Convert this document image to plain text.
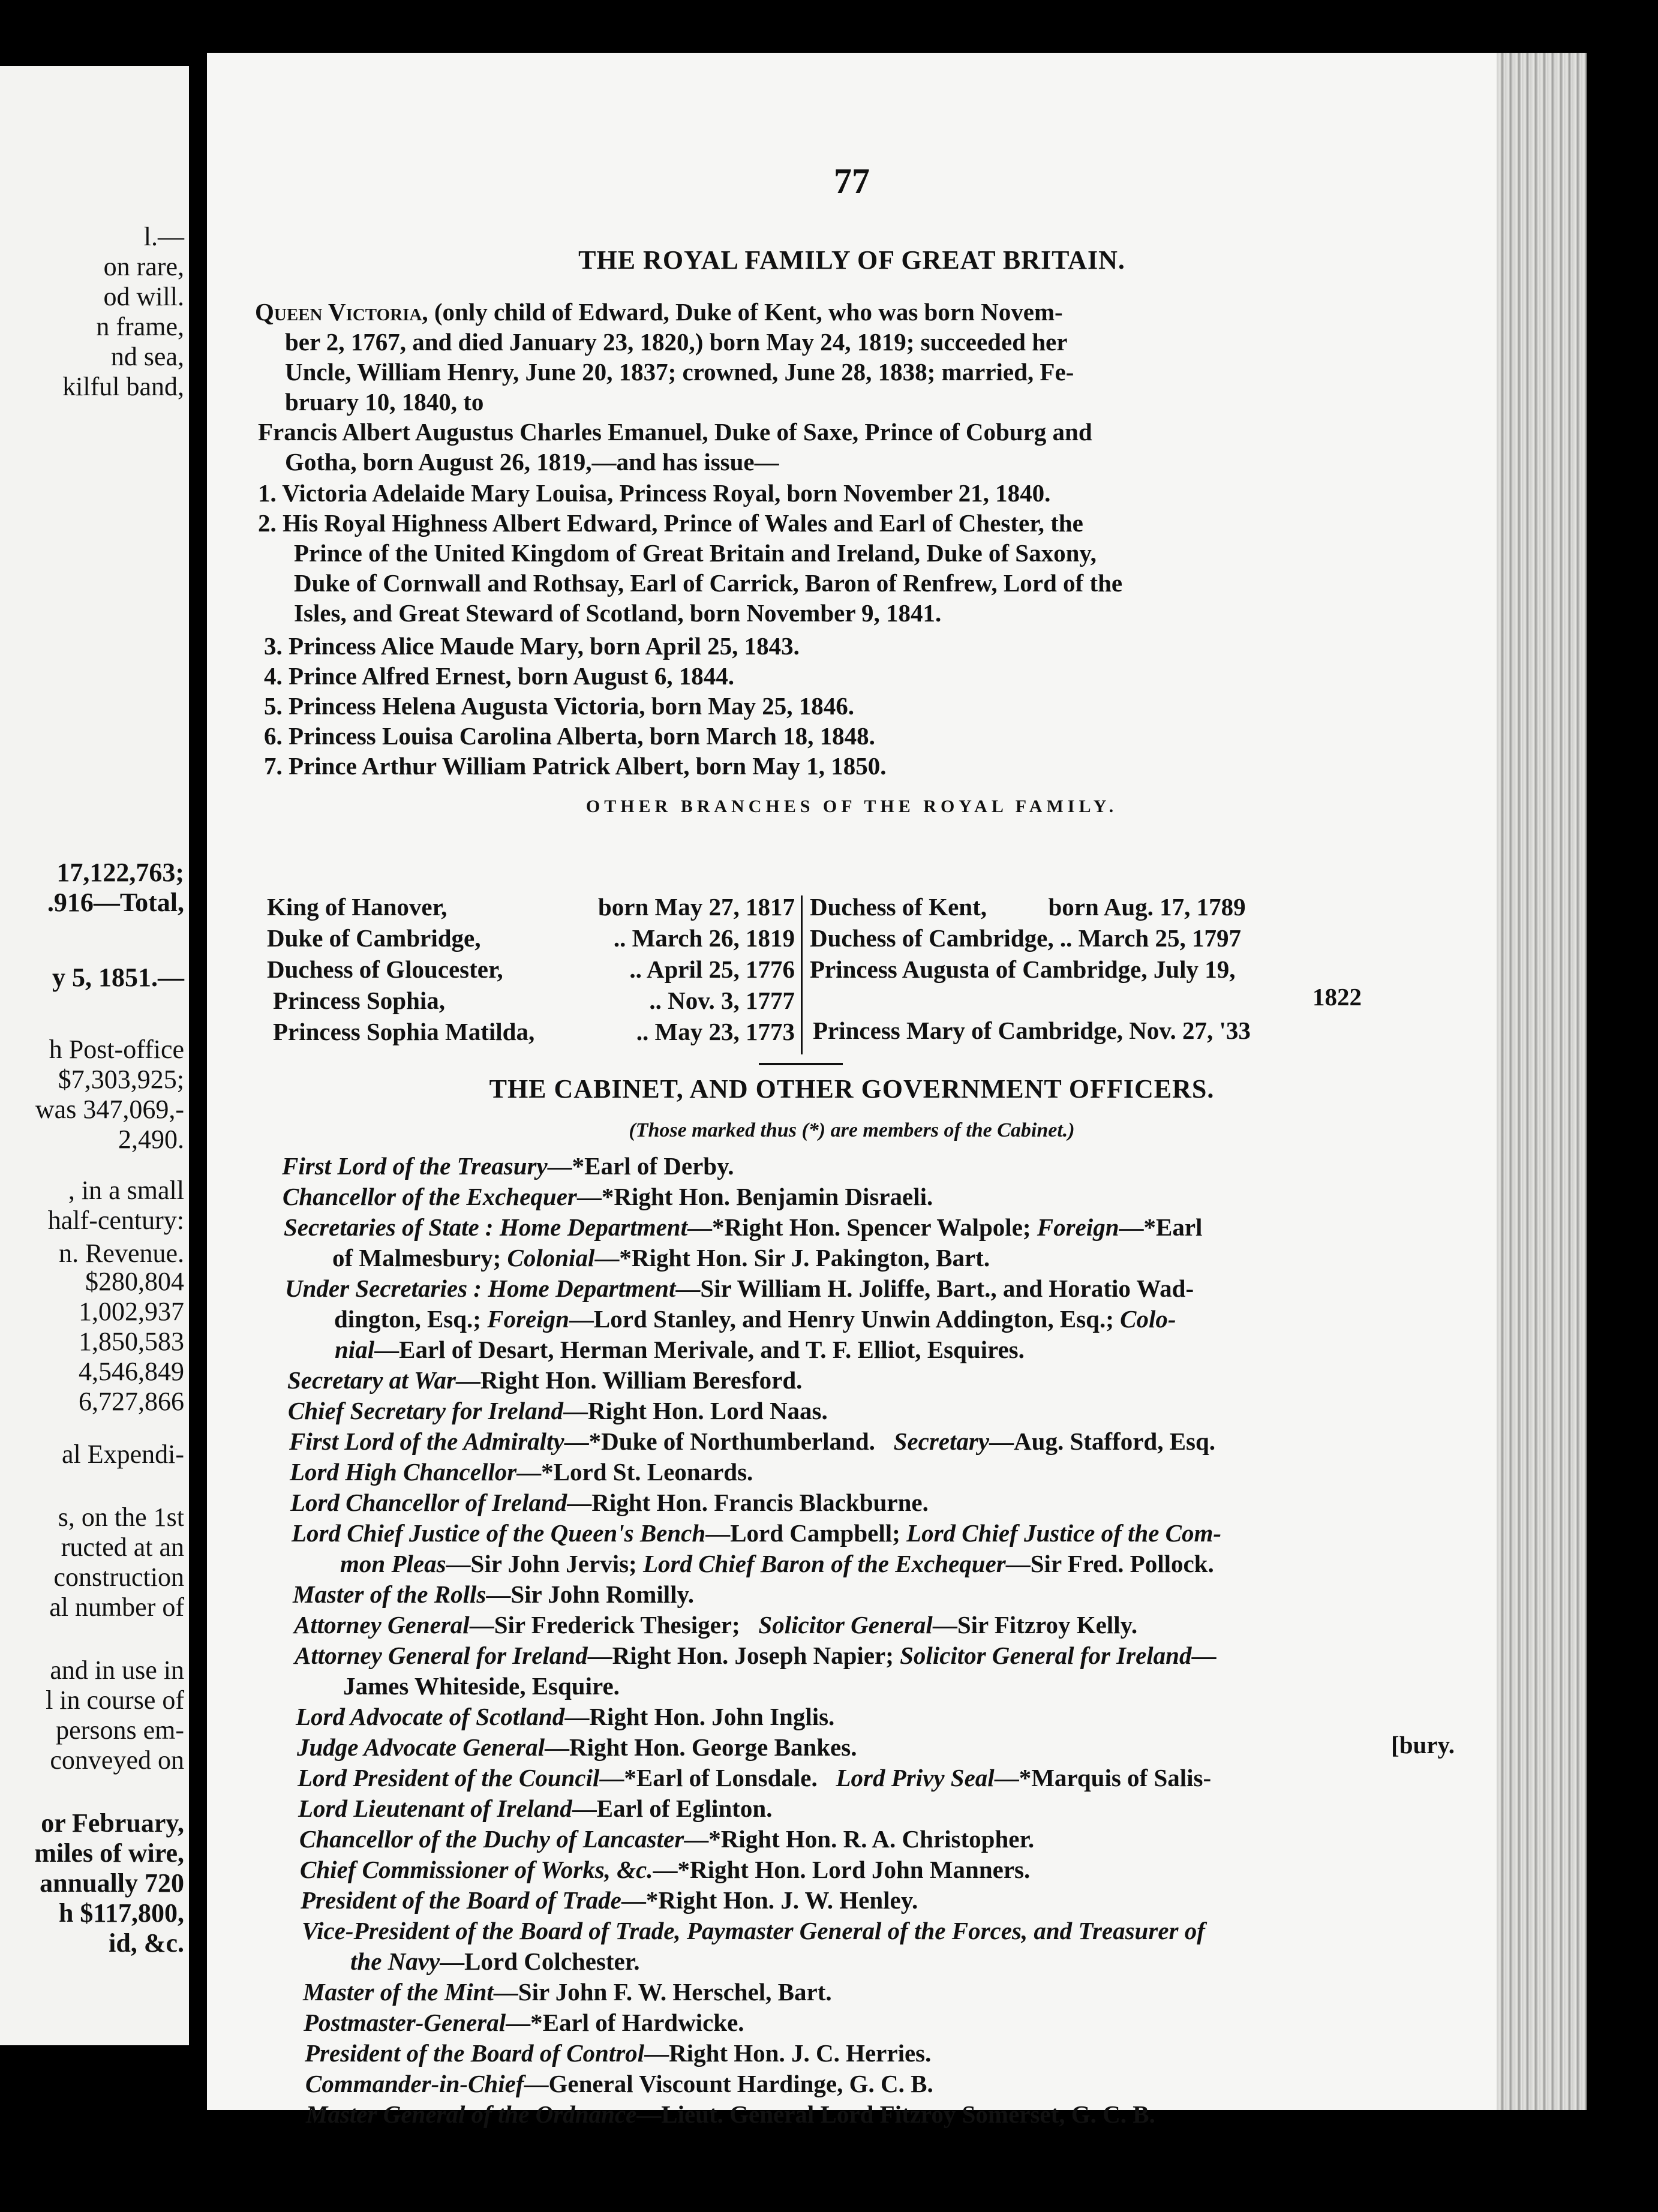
l.—
on rare,
od will.
n frame,
nd sea,
kilful band,
17,122,763;
.916—Total,
y 5, 1851.—
h Post-office
$7,303,925;
was 347,069,-
2,490.
, in a small
half-century:
n. Revenue.
$280,804
1,002,937
1,850,583
4,546,849
6,727,866
al Expendi-
s, on the 1st
ructed at an
construction
al number of
and in use in
l in course of
persons em-
conveyed on
or February,
miles of wire,
annually 720
h $117,800,
id, &c.
77
THE ROYAL FAMILY OF GREAT BRITAIN.
Queen Victoria, (only child of Edward, Duke of Kent, who was born Novem-
ber 2, 1767, and died January 23, 1820,) born May 24, 1819; succeeded her
Uncle, William Henry, June 20, 1837; crowned, June 28, 1838; married, Fe-
bruary 10, 1840, to
Francis Albert Augustus Charles Emanuel, Duke of Saxe, Prince of Coburg and
Gotha, born August 26, 1819,—and has issue—
1. Victoria Adelaide Mary Louisa, Princess Royal, born November 21, 1840.
2. His Royal Highness Albert Edward, Prince of Wales and Earl of Chester, the
Prince of the United Kingdom of Great Britain and Ireland, Duke of Saxony,
Duke of Cornwall and Rothsay, Earl of Carrick, Baron of Renfrew, Lord of the
Isles, and Great Steward of Scotland, born November 9, 1841.
3. Princess Alice Maude Mary, born April 25, 1843.
4. Prince Alfred Ernest, born August 6, 1844.
5. Princess Helena Augusta Victoria, born May 25, 1846.
6. Princess Louisa Carolina Alberta, born March 18, 1848.
7. Prince Arthur William Patrick Albert, born May 1, 1850.
OTHER BRANCHES OF THE ROYAL FAMILY.
King of Hanover,
Duke of Cambridge,
Duchess of Gloucester,
Princess Sophia,
Princess Sophia Matilda,
born May 27, 1817
.. March 26, 1819
.. April 25, 1776
.. Nov. 3, 1777
.. May 23, 1773
Duchess of Kent,          born Aug. 17, 1789
Duchess of Cambridge, .. March 25, 1797
Princess Augusta of Cambridge, July 19,
1822
Princess Mary of Cambridge, Nov. 27, '33
THE CABINET, AND OTHER GOVERNMENT OFFICERS.
(Those marked thus (*) are members of the Cabinet.)
First Lord of the Treasury—*Earl of Derby.
Chancellor of the Exchequer—*Right Hon. Benjamin Disraeli.
Secretaries of State : Home Department—*Right Hon. Spencer Walpole; Foreign—*Earl
of Malmesbury; Colonial—*Right Hon. Sir J. Pakington, Bart.
Under Secretaries : Home Department—Sir William H. Joliffe, Bart., and Horatio Wad-
dington, Esq.; Foreign—Lord Stanley, and Henry Unwin Addington, Esq.; Colo-
nial—Earl of Desart, Herman Merivale, and T. F. Elliot, Esquires.
Secretary at War—Right Hon. William Beresford.
Chief Secretary for Ireland—Right Hon. Lord Naas.
First Lord of the Admiralty—*Duke of Northumberland.   Secretary—Aug. Stafford, Esq.
Lord High Chancellor—*Lord St. Leonards.
Lord Chancellor of Ireland—Right Hon. Francis Blackburne.
Lord Chief Justice of the Queen's Bench—Lord Campbell; Lord Chief Justice of the Com-
mon Pleas—Sir John Jervis; Lord Chief Baron of the Exchequer—Sir Fred. Pollock.
Master of the Rolls—Sir John Romilly.
Attorney General—Sir Frederick Thesiger;   Solicitor General—Sir Fitzroy Kelly.
Attorney General for Ireland—Right Hon. Joseph Napier; Solicitor General for Ireland—
James Whiteside, Esquire.
Lord Advocate of Scotland—Right Hon. John Inglis.
Judge Advocate General—Right Hon. George Bankes.	[bury.
Lord President of the Council—*Earl of Lonsdale.   Lord Privy Seal—*Marquis of Salis-
Lord Lieutenant of Ireland—Earl of Eglinton.
Chancellor of the Duchy of Lancaster—*Right Hon. R. A. Christopher.
Chief Commissioner of Works, &c.—*Right Hon. Lord John Manners.
President of the Board of Trade—*Right Hon. J. W. Henley.
Vice-President of the Board of Trade, Paymaster General of the Forces, and Treasurer of
the Navy—Lord Colchester.
Master of the Mint—Sir John F. W. Herschel, Bart.
Postmaster-General—*Earl of Hardwicke.
President of the Board of Control—Right Hon. J. C. Herries.
Commander-in-Chief—General Viscount Hardinge, G. C. B.
Master General of the Ordnance—Lieut. General Lord Fitzroy Somerset, G. C. B.
